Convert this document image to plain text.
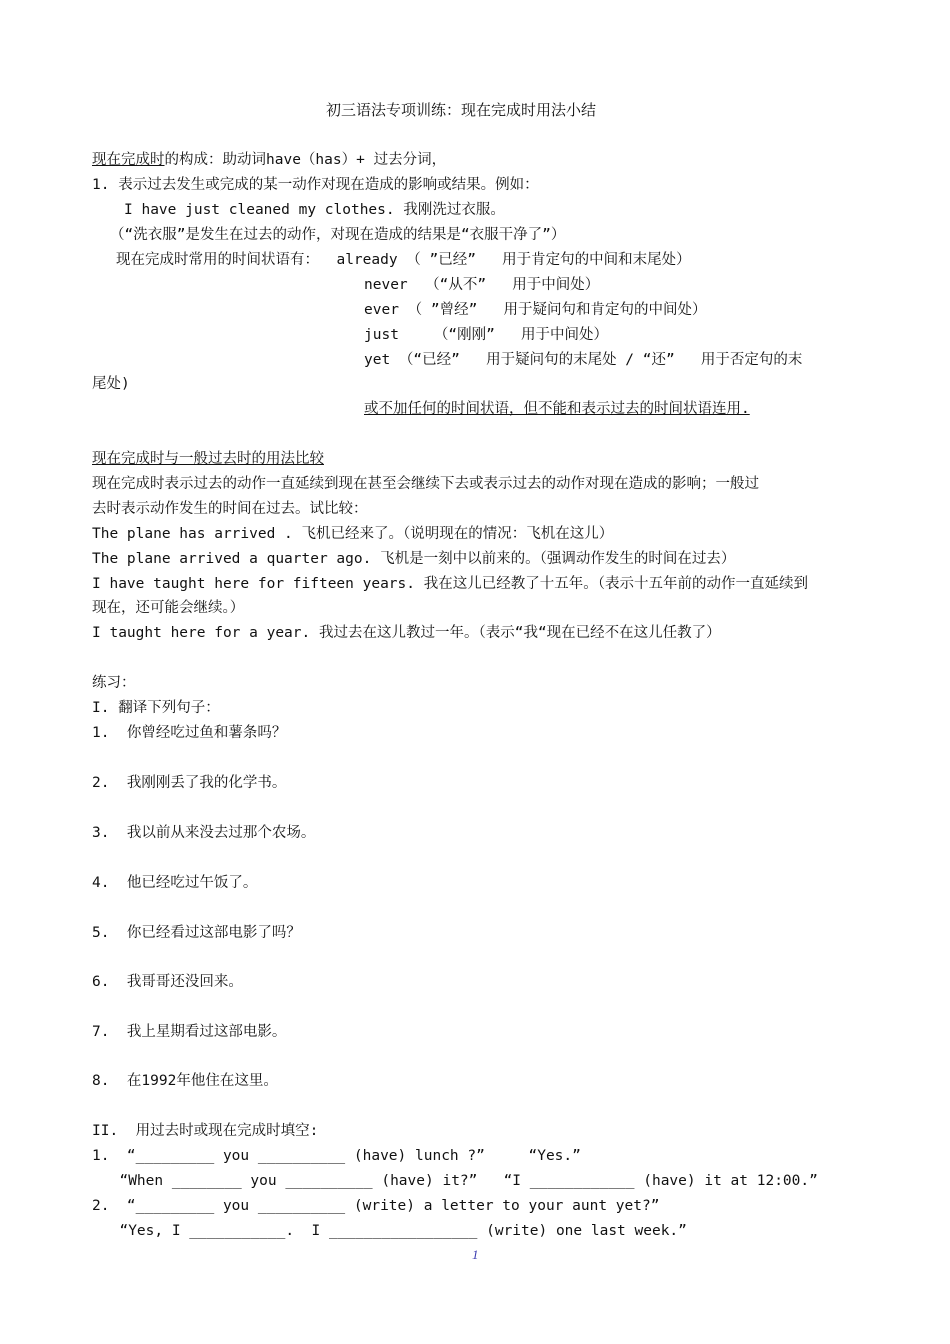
初三语法专项训练：现在完成时用法小结
现在完成时的构成：助动词have（has）+ 过去分词，
1. 表示过去发生或完成的某一动作对现在造成的影响或结果。例如：
I have just cleaned my clothes. 我刚洗过衣服。
（“洗衣服”是发生在过去的动作，对现在造成的结果是“衣服干净了”）
现在完成时常用的时间状语有：  already （ ”已经”   用于肯定句的中间和末尾处）
never  （“从不”   用于中间处）
ever （ ”曾经”   用于疑问句和肯定句的中间处）
just    （“刚刚”   用于中间处）
yet （“已经”   用于疑问句的末尾处 / “还”   用于否定句的末
尾处)
或不加任何的时间状语，但不能和表示过去的时间状语连用.
现在完成时与一般过去时的用法比较
现在完成时表示过去的动作一直延续到现在甚至会继续下去或表示过去的动作对现在造成的影响；一般过
去时表示动作发生的时间在过去。试比较：
The plane has arrived . 飞机已经来了。（说明现在的情况：飞机在这儿）
The plane arrived a quarter ago. 飞机是一刻中以前来的。（强调动作发生的时间在过去）
I have taught here for fifteen years. 我在这儿已经教了十五年。（表示十五年前的动作一直延续到
现在，还可能会继续。）
I taught here for a year. 我过去在这儿教过一年。（表示“我“现在已经不在这儿任教了）
练习：
I. 翻译下列句子：
1.  你曾经吃过鱼和薯条吗？
2.  我刚刚丢了我的化学书。
3.  我以前从来没去过那个农场。
4.  他已经吃过午饭了。
5.  你已经看过这部电影了吗？
6.  我哥哥还没回来。
7.  我上星期看过这部电影。
8.  在1992年他住在这里。
II.  用过去时或现在完成时填空:
1.  “_________ you __________ (have) lunch ?”     “Yes.”
“When ________ you __________ (have) it?”   “I ____________ (have) it at 12:00.”
2.  “_________ you __________ (write) a letter to your aunt yet?”
“Yes, I ___________.  I _________________ (write) one last week.”
1
